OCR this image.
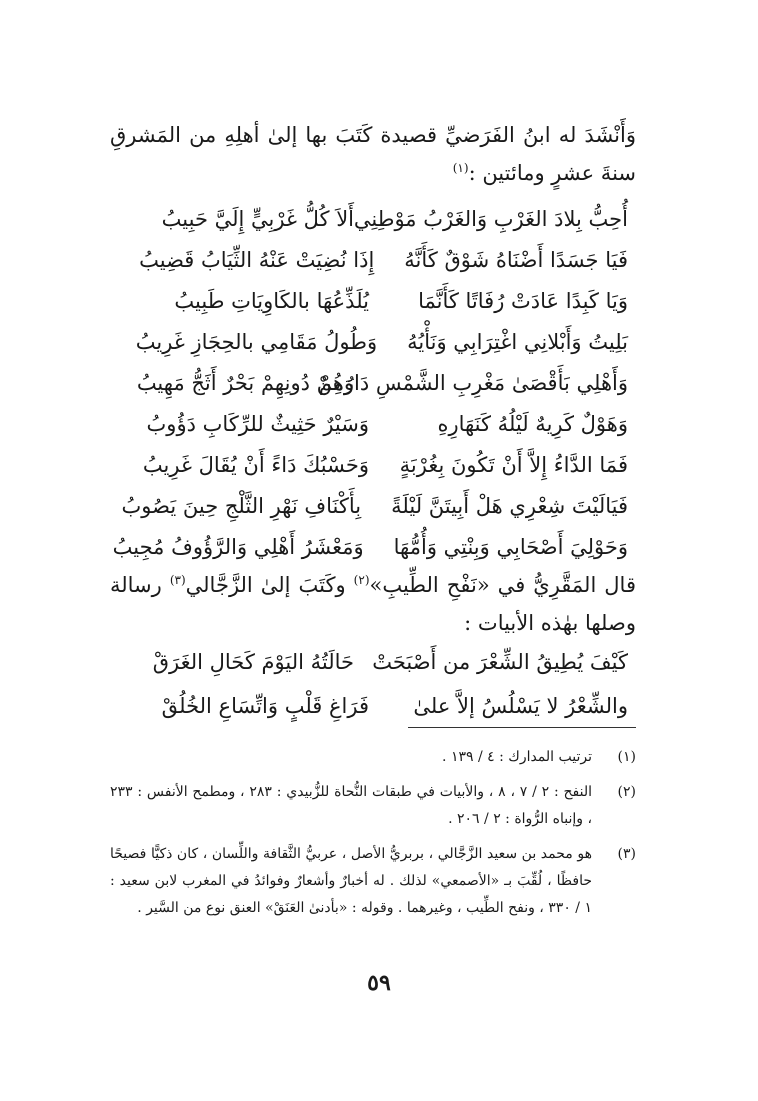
وَأَنْشَدَ له ابنُ الفَرَضيِّ قصيدة كَتَبَ بها إلىٰ أهلِهِ من المَشرقِ سنةَ عشرٍ ومائتين :$^{(١)}$
أُحِبُّ بِلادَ الغَرْبِ وَالغَرْبُ مَوْطِنِي
أَلاَ كُلُّ غَرْبِيٍّ إِلَيَّ حَبِيبُ
فَيَا جَسَدًا أَضْنَاهُ شَوْقٌ كَأَنَّهُ
إِذَا نُضِيَتْ عَنْهُ الثِّيَابُ قَضِيبُ
وَيَا كَبِدًا عَادَتْ رُفَاتًا كَأَنَّمَا
يُلَذِّعُهَا بالكَاوِيَاتِ طَبِيبُ
بَلِيتُ وَأَبْلانِي اغْتِرَابِي وَنَأْيُهُ
وَطُولُ مَقَامِي بالحِجَازِ غَرِيبُ
وَأَهْلِي بَأَقْصَىٰ مَغْرِبِ الشَّمْسِ دَارُهُمْ
وَمِنْ دُونِهِمْ بَحْرٌ أَثَجُّ مَهِيبُ
وَهَوْلٌ كَرِيهٌ لَيْلُهُ كَنَهَارِهِ
وَسَيْرٌ حَثِيثٌ للرِّكَابِ دَؤُوبُ
فَمَا الدَّاءُ إِلاَّ أَنْ تَكُونَ بِغُرْبَةٍ
وَحَسْبُكَ دَاءً أَنْ يُقَالَ غَرِيبُ
فَيَالَيْتَ شِعْرِي هَلْ أَبِيتَنَّ لَيْلَةً
بِأَكْنَافِ نَهْرِ الثَّلْجِ حِينَ يَصُوبُ
وَحَوْلِيَ أَصْحَابِي وَبِنْتِي وَأُمُّهَا
وَمَعْشَرُ أَهْلِي وَالرَّؤُوفُ مُجِيبُ
قال المَقَّرِيُّ في «نَفْحِ الطِّيبِ»$^{(٢)}$ وكَتَبَ إلىٰ الزَّجَّالي$^{(٣)}$ رسالة وصلها بهٰذه الأبيات :
كَيْفَ يُطِيقُ الشِّعْرَ من أَصْبَحَتْ
حَالَتُهُ اليَوْمَ كَحَالِ الغَرَقْ
والشِّعْرُ لا يَسْلُسُ إلاَّ علىٰ
فَرَاغِ قَلْبٍ وَاتِّسَاعِ الخُلُقْ
(١)
ترتيب المدارك : ٤ / ١٣٩ .
(٢)
النفح : ٢ / ٧ ، ٨ ، والأبيات في طبقات النُّحاة للزُّبيدي : ٢٨٣ ، ومطمح الأنفس : ٢٣٣ ، وإنباه الرُّواة : ٢ / ٢٠٦ .
(٣)
هو محمد بن سعيد الزَّجَّالي ، بربريُّ الأصل ، عربيُّ الثَّقافة واللِّسان ، كان ذكيًّا فصيحًا حافظًا ، لُقِّبَ بـ «الأصمعي» لذلك . له أخبارٌ وأشعارٌ وفوائدُ في المغرب لابن سعيد : ١ / ٣٣٠ ، ونفح الطِّيب ، وغيرهما . وقوله : «بأدنىٰ العَنَقْ» العنق نوع من السَّير .
٥٩
